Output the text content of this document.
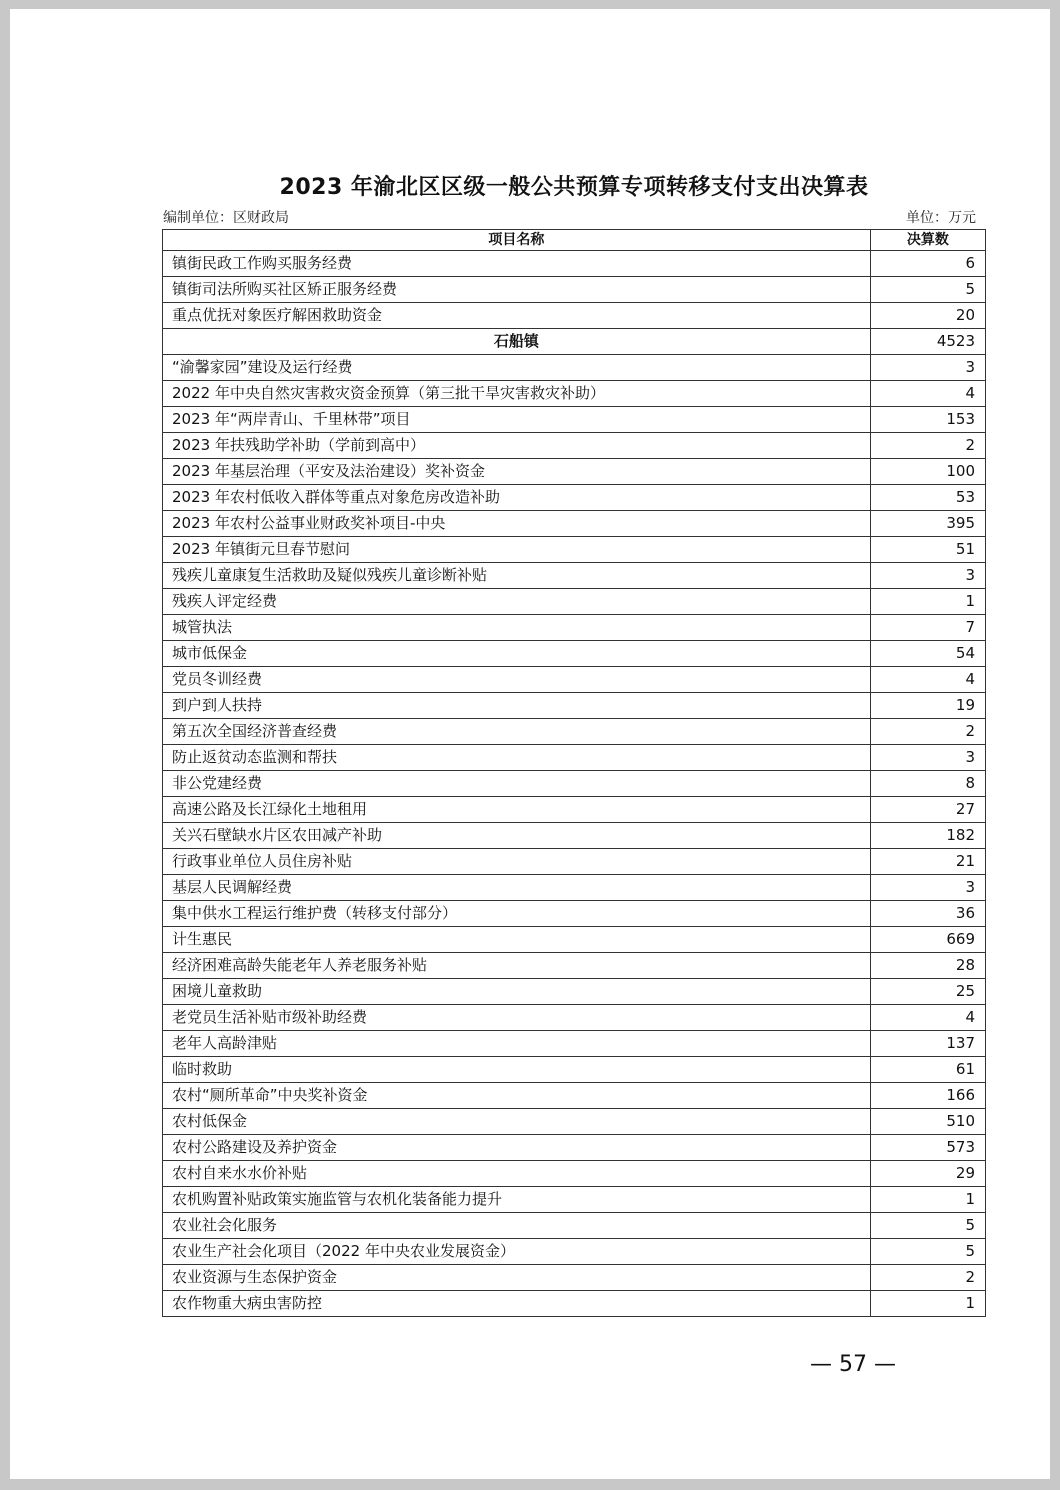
2023 年渝北区区级一般公共预算专项转移支付支出决算表
编制单位：区财政局	单位：万元
项目名称	决算数
镇街民政工作购买服务经费	6
镇街司法所购买社区矫正服务经费	5
重点优抚对象医疗解困救助资金	20
石船镇	4523
“渝馨家园”建设及运行经费	3
2022 年中央自然灾害救灾资金预算（第三批干旱灾害救灾补助）	4
2023 年“两岸青山、千里林带”项目	153
2023 年扶残助学补助（学前到高中）	2
2023 年基层治理（平安及法治建设）奖补资金	100
2023 年农村低收入群体等重点对象危房改造补助	53
2023 年农村公益事业财政奖补项目-中央	395
2023 年镇街元旦春节慰问	51
残疾儿童康复生活救助及疑似残疾儿童诊断补贴	3
残疾人评定经费	1
城管执法	7
城市低保金	54
党员冬训经费	4
到户到人扶持	19
第五次全国经济普查经费	2
防止返贫动态监测和帮扶	3
非公党建经费	8
高速公路及长江绿化土地租用	27
关兴石壁缺水片区农田减产补助	182
行政事业单位人员住房补贴	21
基层人民调解经费	3
集中供水工程运行维护费（转移支付部分）	36
计生惠民	669
经济困难高龄失能老年人养老服务补贴	28
困境儿童救助	25
老党员生活补贴市级补助经费	4
老年人高龄津贴	137
临时救助	61
农村“厕所革命”中央奖补资金	166
农村低保金	510
农村公路建设及养护资金	573
农村自来水水价补贴	29
农机购置补贴政策实施监管与农机化装备能力提升	1
农业社会化服务	5
农业生产社会化项目（2022 年中央农业发展资金）	5
农业资源与生态保护资金	2
农作物重大病虫害防控	1
— 57 —
